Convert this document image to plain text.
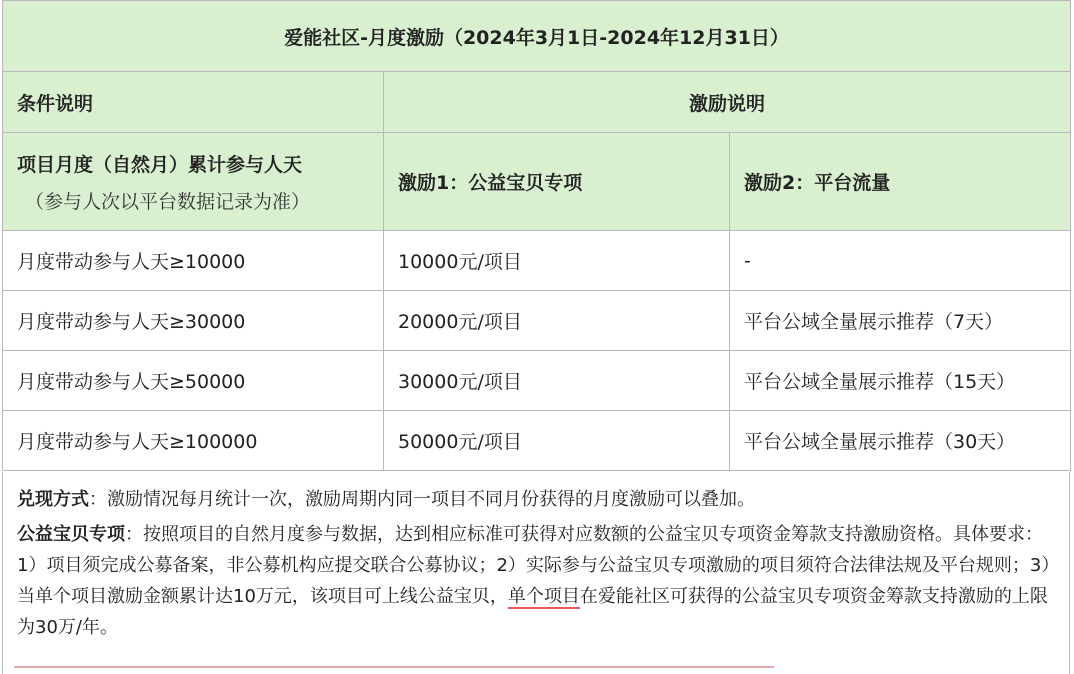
爱能社区-月度激励（2024年3月1日-2024年12月31日）		
条件说明	激励说明	

项目月度（自然月）累计参与人天
（参与人次以平台数据记录为准）	激励1：公益宝贝专项	激励2：平台流量
月度带动参与人天≥10000	10000元/项目	-
月度带动参与人天≥30000	20000元/项目	平台公域全量展示推荐（7天）
月度带动参与人天≥50000	30000元/项目	平台公域全量展示推荐（15天）
月度带动参与人天≥100000	50000元/项目	平台公域全量展示推荐（30天）

兑现方式：激励情况每月统计一次，激励周期内同一项目不同月份获得的月度激励可以叠加。

公益宝贝专项：按照项目的自然月度参与数据，达到相应标准可获得对应数额的公益宝贝专项资金筹款支持激励资格。具体要求：1）项目须完成公募备案，非公募机构应提交联合公募协议；2）实际参与公益宝贝专项激励的项目须符合法律法规及平台规则；3）当单个项目激励金额累计达10万元，该项目可上线公益宝贝，单个项目在爱能社区可获得的公益宝贝专项资金筹款支持激励的上限为30万/年。
